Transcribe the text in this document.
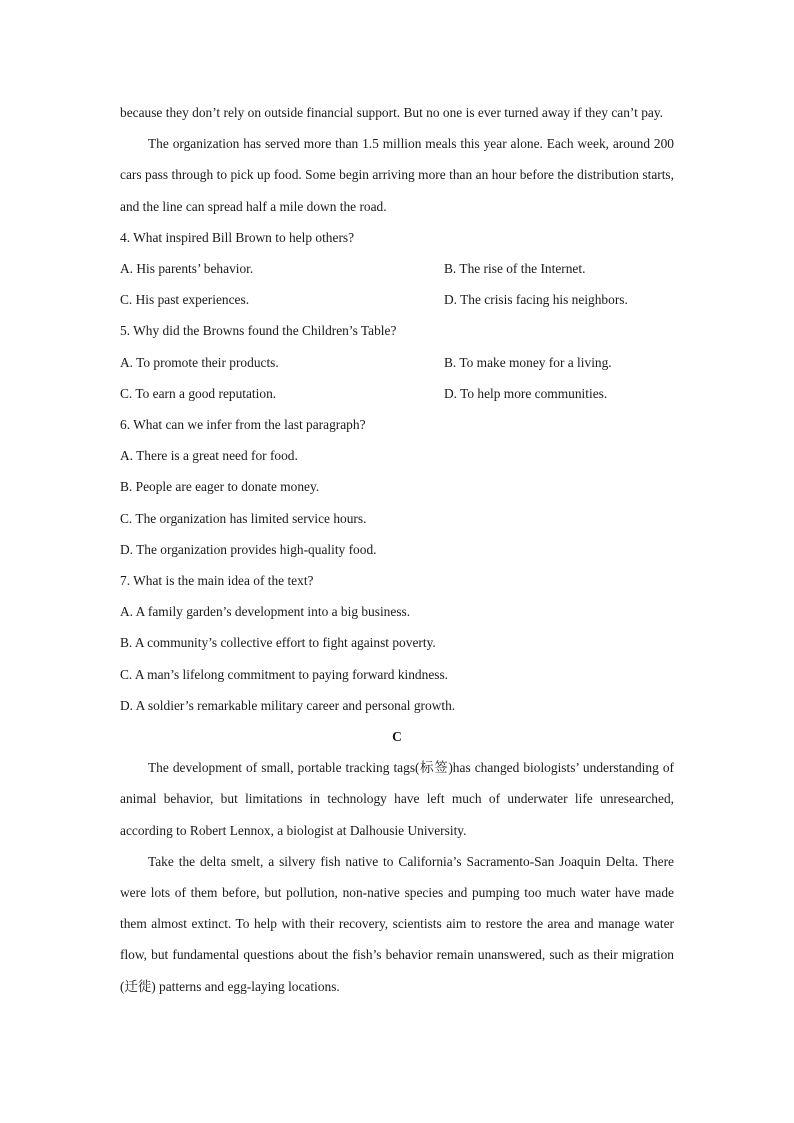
because they don’t rely on outside financial support. But no one is ever turned away if they can’t pay.

The organization has served more than 1.5 million meals this year alone. Each week, around 200 cars pass through to pick up food. Some begin arriving more than an hour before the distribution starts, and the line can spread half a mile down the road.

4. What inspired Bill Brown to help others?

A. His parents’ behavior.	B. The rise of the Internet.
C. His past experiences.	D. The crisis facing his neighbors.

5. Why did the Browns found the Children’s Table?

A. To promote their products.	B. To make money for a living.
C. To earn a good reputation.	D. To help more communities.

6. What can we infer from the last paragraph?

A. There is a great need for food.

B. People are eager to donate money.

C. The organization has limited service hours.

D. The organization provides high-quality food.

7. What is the main idea of the text?

A. A family garden’s development into a big business.

B. A community’s collective effort to fight against poverty.

C. A man’s lifelong commitment to paying forward kindness.

D. A soldier’s remarkable military career and personal growth.

C

The development of small, portable tracking tags(标签)has changed biologists’ understanding of animal behavior, but limitations in technology have left much of underwater life unresearched, according to Robert Lennox, a biologist at Dalhousie University.

Take the delta smelt, a silvery fish native to California’s Sacramento-San Joaquin Delta. There were lots of them before, but pollution, non-native species and pumping too much water have made them almost extinct. To help with their recovery, scientists aim to restore the area and manage water flow, but fundamental questions about the fish’s behavior remain unanswered, such as their migration (迁徙) patterns and egg-laying locations.
